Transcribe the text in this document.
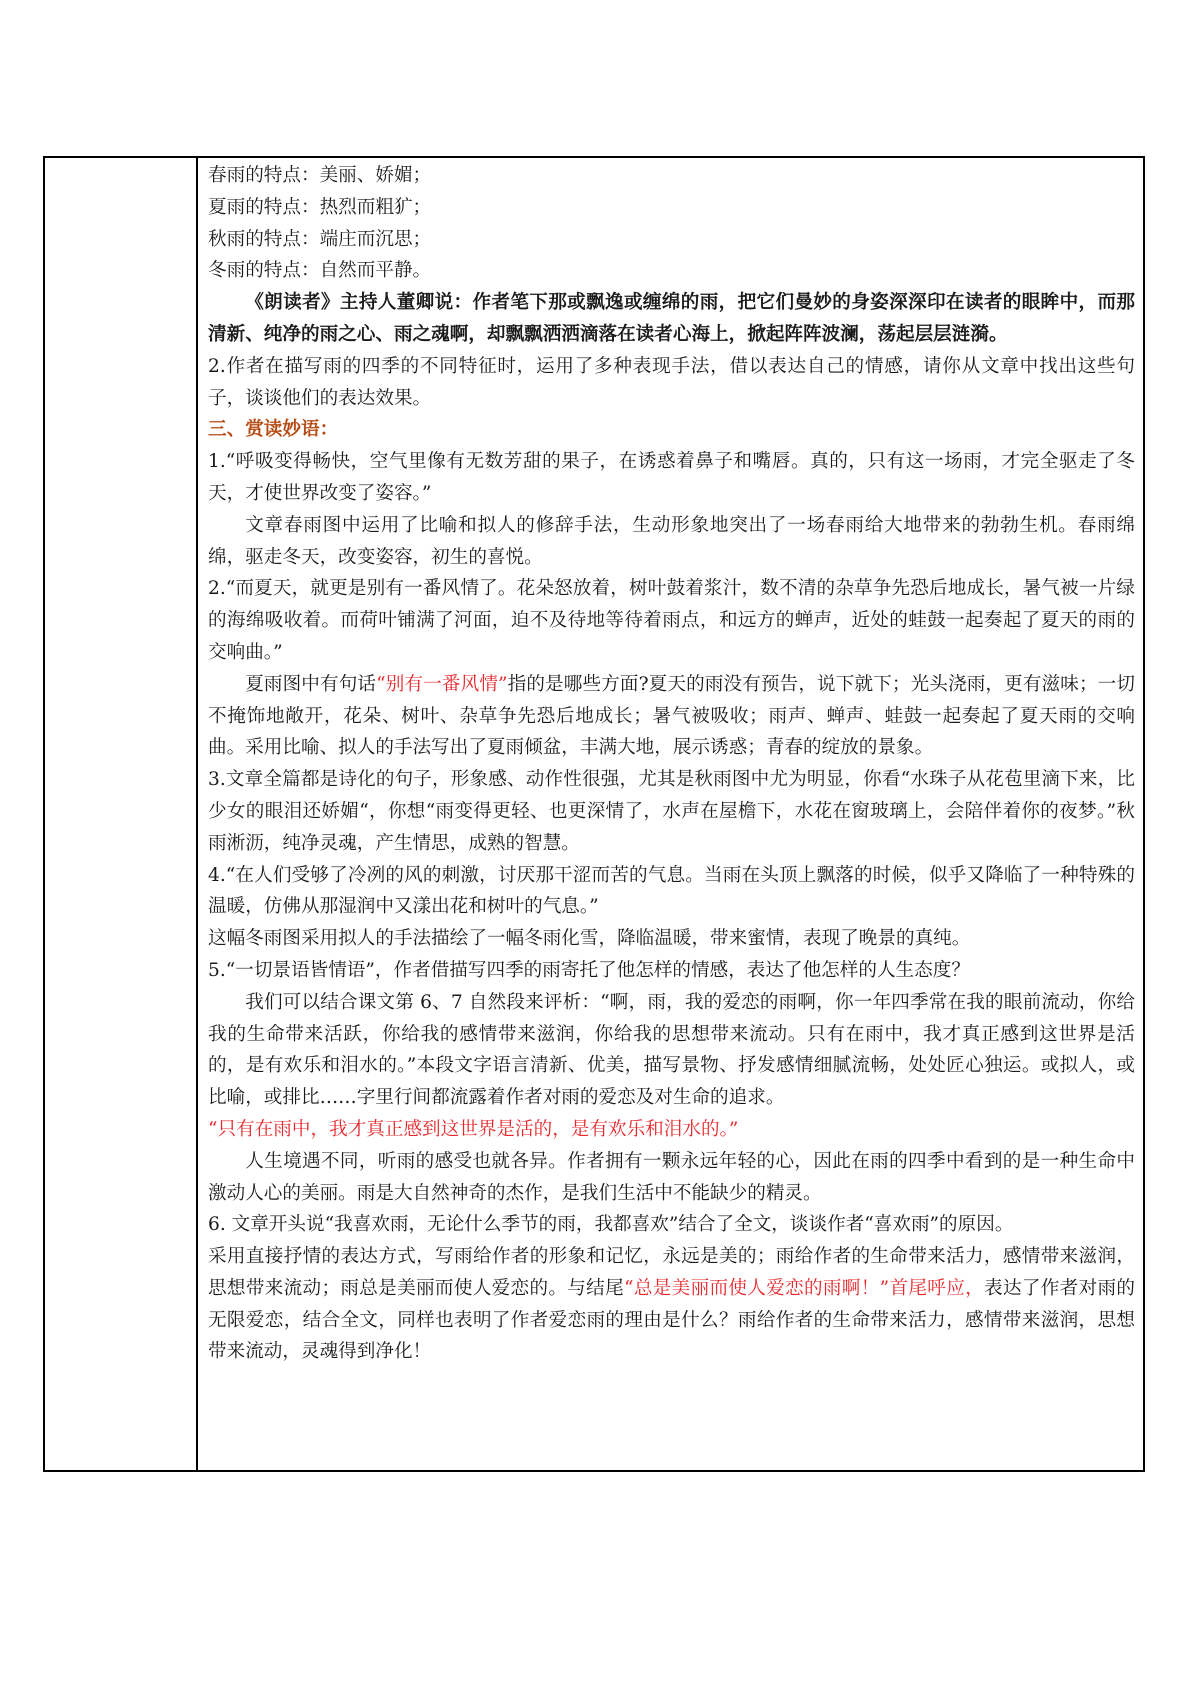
春雨的特点：美丽、娇媚；

夏雨的特点：热烈而粗犷；

秋雨的特点：端庄而沉思；

冬雨的特点：自然而平静。

《朗读者》主持人董卿说：作者笔下那或飘逸或缠绵的雨，把它们曼妙的身姿深深印在读者的眼眸中，而那清新、纯净的雨之心、雨之魂啊，却飘飘洒洒滴落在读者心海上，掀起阵阵波澜，荡起层层涟漪。

2.作者在描写雨的四季的不同特征时，运用了多种表现手法，借以表达自己的情感，请你从文章中找出这些句子，谈谈他们的表达效果。

三、赏读妙语：

1.“呼吸变得畅快，空气里像有无数芳甜的果子，在诱惑着鼻子和嘴唇。真的，只有这一场雨，才完全驱走了冬天，才使世界改变了姿容。”

文章春雨图中运用了比喻和拟人的修辞手法，生动形象地突出了一场春雨给大地带来的勃勃生机。春雨绵绵，驱走冬天，改变姿容，初生的喜悦。

2.“而夏天，就更是别有一番风情了。花朵怒放着，树叶鼓着浆汁，数不清的杂草争先恐后地成长，暑气被一片绿的海绵吸收着。而荷叶铺满了河面，迫不及待地等待着雨点，和远方的蝉声，近处的蛙鼓一起奏起了夏天的雨的交响曲。”

夏雨图中有句话“别有一番风情”指的是哪些方面?夏天的雨没有预告，说下就下；光头浇雨，更有滋味；一切不掩饰地敞开，花朵、树叶、杂草争先恐后地成长；暑气被吸收；雨声、蝉声、蛙鼓一起奏起了夏天雨的交响曲。采用比喻、拟人的手法写出了夏雨倾盆，丰满大地，展示诱惑；青春的绽放的景象。

3.文章全篇都是诗化的句子，形象感、动作性很强，尤其是秋雨图中尤为明显，你看“水珠子从花苞里滴下来，比少女的眼泪还娇媚“，你想“雨变得更轻、也更深情了，水声在屋檐下，水花在窗玻璃上，会陪伴着你的夜梦。”秋雨淅沥，纯净灵魂，产生情思，成熟的智慧。

4.“在人们受够了冷冽的风的刺激，讨厌那干涩而苦的气息。当雨在头顶上飘落的时候，似乎又降临了一种特殊的温暖，仿佛从那湿润中又漾出花和树叶的气息。”

这幅冬雨图采用拟人的手法描绘了一幅冬雨化雪，降临温暖，带来蜜情，表现了晚景的真纯。

5.“一切景语皆情语”，作者借描写四季的雨寄托了他怎样的情感，表达了他怎样的人生态度？

我们可以结合课文第 6、7 自然段来评析：“啊，雨，我的爱恋的雨啊，你一年四季常在我的眼前流动，你给我的生命带来活跃，你给我的感情带来滋润，你给我的思想带来流动。只有在雨中，我才真正感到这世界是活的，是有欢乐和泪水的。”本段文字语言清新、优美，描写景物、抒发感情细腻流畅，处处匠心独运。或拟人，或比喻，或排比……字里行间都流露着作者对雨的爱恋及对生命的追求。

“只有在雨中，我才真正感到这世界是活的，是有欢乐和泪水的。”

人生境遇不同，听雨的感受也就各异。作者拥有一颗永远年轻的心，因此在雨的四季中看到的是一种生命中激动人心的美丽。雨是大自然神奇的杰作，是我们生活中不能缺少的精灵。

6. 文章开头说“我喜欢雨，无论什么季节的雨，我都喜欢”结合了全文，谈谈作者“喜欢雨”的原因。

采用直接抒情的表达方式，写雨给作者的形象和记忆，永远是美的；雨给作者的生命带来活力，感情带来滋润，思想带来流动；雨总是美丽而使人爱恋的。与结尾“总是美丽而使人爱恋的雨啊！”首尾呼应，表达了作者对雨的无限爱恋，结合全文，同样也表明了作者爱恋雨的理由是什么？雨给作者的生命带来活力，感情带来滋润，思想带来流动，灵魂得到净化！
